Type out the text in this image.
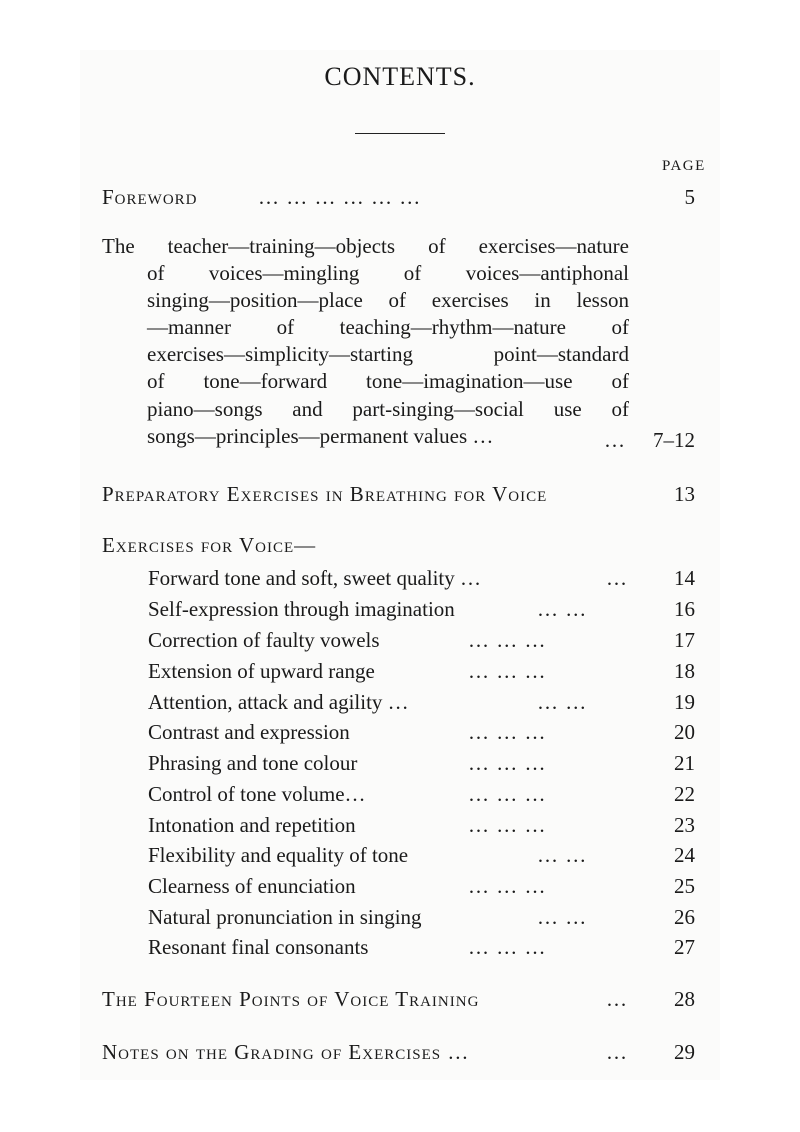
CONTENTS.
PAGE
Foreword	… … … … … …	5
The teacher—training—objects of exercises—nature
of voices—mingling of voices—antiphonal
singing—position—place of exercises in lesson
—manner of teaching—rhythm—nature of
exercises—simplicity—starting point—standard
of tone—forward tone—imagination—use of
piano—songs and part-singing—social use of
songs—principles—permanent values …	… 7–12
Preparatory Exercises in Breathing for Voice	13
Exercises for Voice—
Forward tone and soft, sweet quality …	… 14
Self-expression through imagination	… …	16
Correction of faulty vowels	… … …	17
Extension of upward range	… … …	18
Attention, attack and agility …	… …	19
Contrast and expression	… … …	20
Phrasing and tone colour	… … …	21
Control of tone volume…	… … …	22
Intonation and repetition	… … …	23
Flexibility and equality of tone	… …	24
Clearness of enunciation	… … …	25
Natural pronunciation in singing	… …	26
Resonant final consonants	… … …	27
The Fourteen Points of Voice Training	… 28
Notes on the Grading of Exercises …	… 29
